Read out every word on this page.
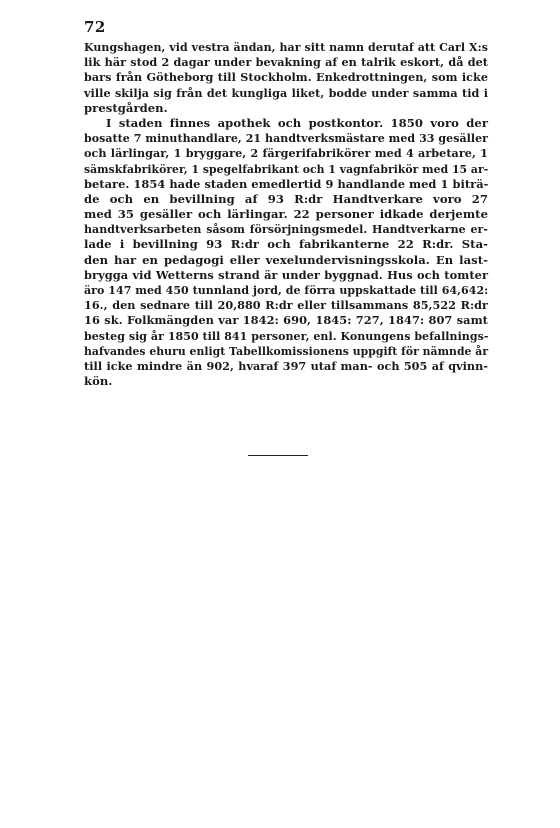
72
Kungshagen, vid vestra ändan, har sitt namn derutaf att Carl X:s
lik här stod 2 dagar under bevakning af en talrik eskort, då det
bars från Götheborg till Stockholm. Enkedrottningen, som icke
ville skilja sig från det kungliga liket, bodde under samma tid i
prestgården.
I staden finnes apothek och postkontor. 1850 voro der
bosatte 7 minuthandlare, 21 handtverksmästare med 33 gesäller
och lärlingar, 1 bryggare, 2 färgerifabrikörer med 4 arbetare, 1
sämskfabrikörer, 1 spegelfabrikant och 1 vagnfabrikör med 15 ar-
betare. 1854 hade staden emedlertid 9 handlande med 1 biträ-
de och en bevillning af 93 R:dr Handtverkare voro 27
med 35 gesäller och lärlingar. 22 personer idkade derjemte
handtverksarbeten såsom försörjningsmedel. Handtverkarne er-
lade i bevillning 93 R:dr och fabrikanterne 22 R:dr. Sta-
den har en pedagogi eller vexelundervisningsskola. En last-
brygga vid Wetterns strand är under byggnad. Hus och tomter
äro 147 med 450 tunnland jord, de förra uppskattade till 64,642:
16., den sednare till 20,880 R:dr eller tillsammans 85,522 R:dr
16 sk. Folkmängden var 1842: 690, 1845: 727, 1847: 807 samt
besteg sig år 1850 till 841 personer, enl. Konungens befallnings-
hafvandes ehuru enligt Tabellkomissionens uppgift för nämnde år
till icke mindre än 902, hvaraf 397 utaf man- och 505 af qvinn-
kön.
